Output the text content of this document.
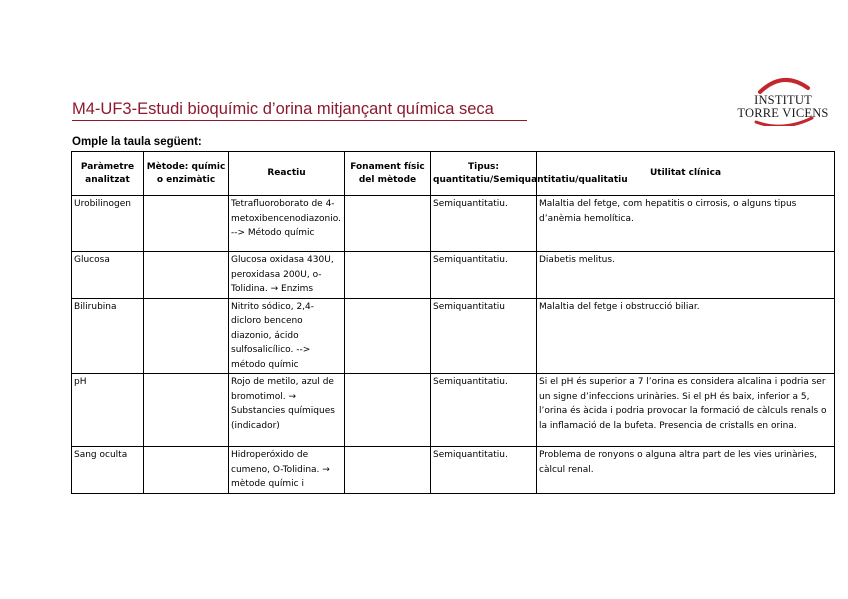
INSTITUT
TORRE VICENS
M4-UF3-Estudi bioquímic d’orina mitjançant química seca
Omple la taula següent:
Paràmetre analitzat	Mètode: químic o enzimàtic	Reactiu	Fonament físic del mètode	Tipus: quantitatiu/Semiquantitatiu/qualitatiu	Utilitat clínica
Urobilinogen		Tetrafluoroborato de 4-metoxibencenodiazonio.--> Método químic		Semiquantitatiu.	Malaltia del fetge, com hepatitis o cirrosis, o alguns tipus d’anèmia hemolítica.
Glucosa		Glucosa oxidasa 430U, peroxidasa 200U, o-Tolidina. → Enzims		Semiquantitatiu.	Diabetis melitus.
Bilirubina		Nitrito sódico, 2,4-dicloro benceno diazonio, ácido sulfosalicílico. --> método químic		Semiquantitatiu	Malaltia del fetge i obstrucció biliar.
pH		Rojo de metilo, azul de bromotimol. → Substancies químiques (indicador)		Semiquantitatiu.	Si el pH és superior a 7 l’orina es considera alcalina i podria ser un signe d’infeccions urinàries. Si el pH és baix, inferior a 5, l’orina és àcida i podria provocar la formació de càlculs renals o la inflamació de la bufeta. Presencia de cristalls en orina.
Sang oculta		Hidroperóxido de cumeno, O-Tolidina. → mètode químic i		Semiquantitatiu.	Problema de ronyons o alguna altra part de les vies urinàries, càlcul renal.
